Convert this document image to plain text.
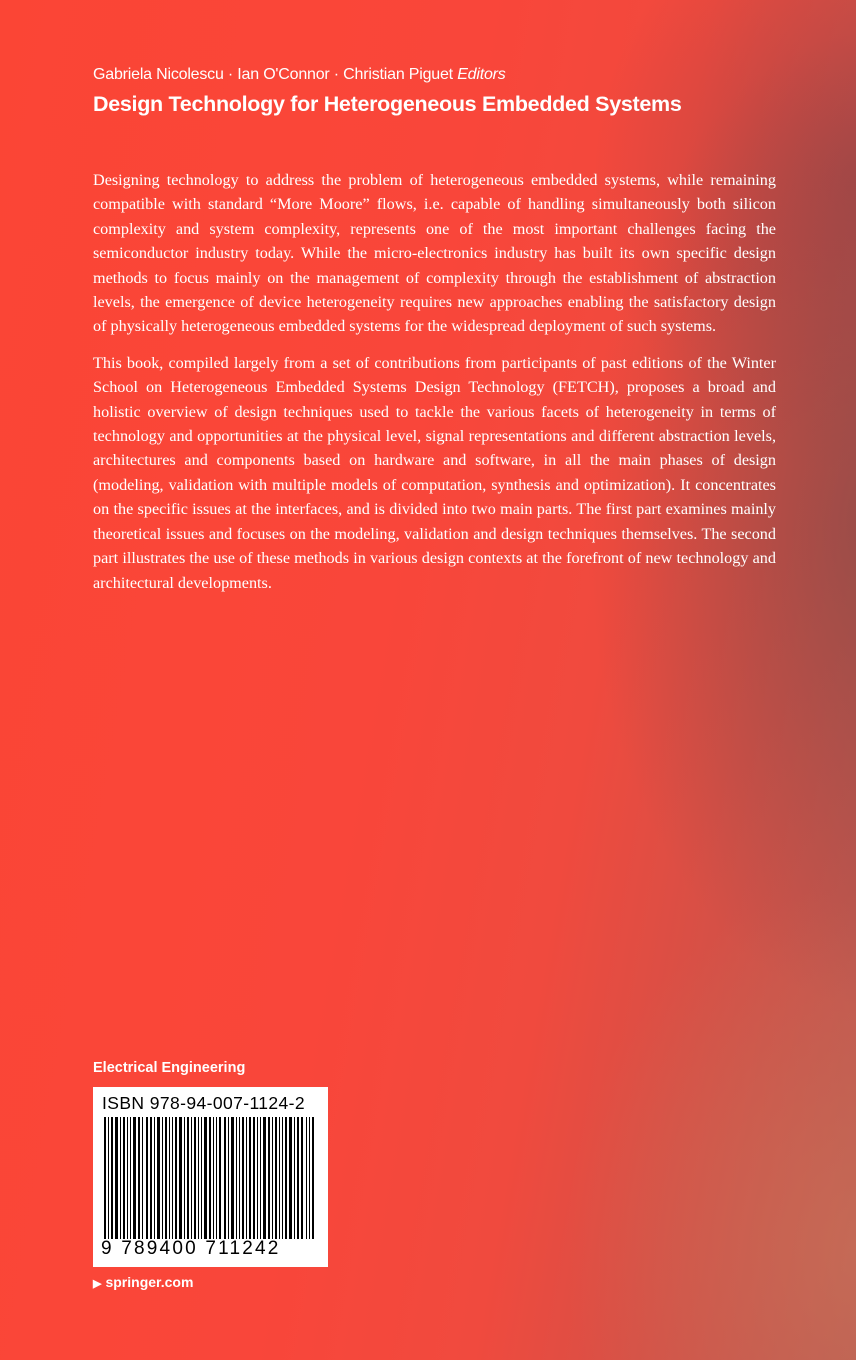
Gabriela Nicolescu · Ian O'Connor · Christian Piguet Editors

Design Technology for Heterogeneous Embedded Systems

Designing technology to address the problem of heterogeneous embedded systems, while remaining compatible with standard “More Moore” flows, i.e. capable of handling simultaneously both silicon complexity and system complexity, represents one of the most important challenges facing the semiconductor industry today. While the micro-electronics industry has built its own specific design methods to focus mainly on the management of complexity through the establishment of abstraction levels, the emergence of device heterogeneity requires new approaches enabling the satisfactory design of physically heterogeneous embedded systems for the widespread deployment of such systems.

This book, compiled largely from a set of contributions from participants of past editions of the Winter School on Heterogeneous Embedded Systems Design Technology (FETCH), proposes a broad and holistic overview of design techniques used to tackle the various facets of heterogeneity in terms of technology and opportunities at the physical level, signal representations and different abstraction levels, architectures and components based on hardware and software, in all the main phases of design (modeling, validation with multiple models of computation, synthesis and optimization). It concentrates on the specific issues at the interfaces, and is divided into two main parts. The first part examines mainly theoretical issues and focuses on the modeling, validation and design techniques themselves. The second part illustrates the use of these methods in various design contexts at the forefront of new technology and architectural developments.

Electrical Engineering
ISBN 978-94-007-1124-2
9 789400 711242
▶ springer.com
